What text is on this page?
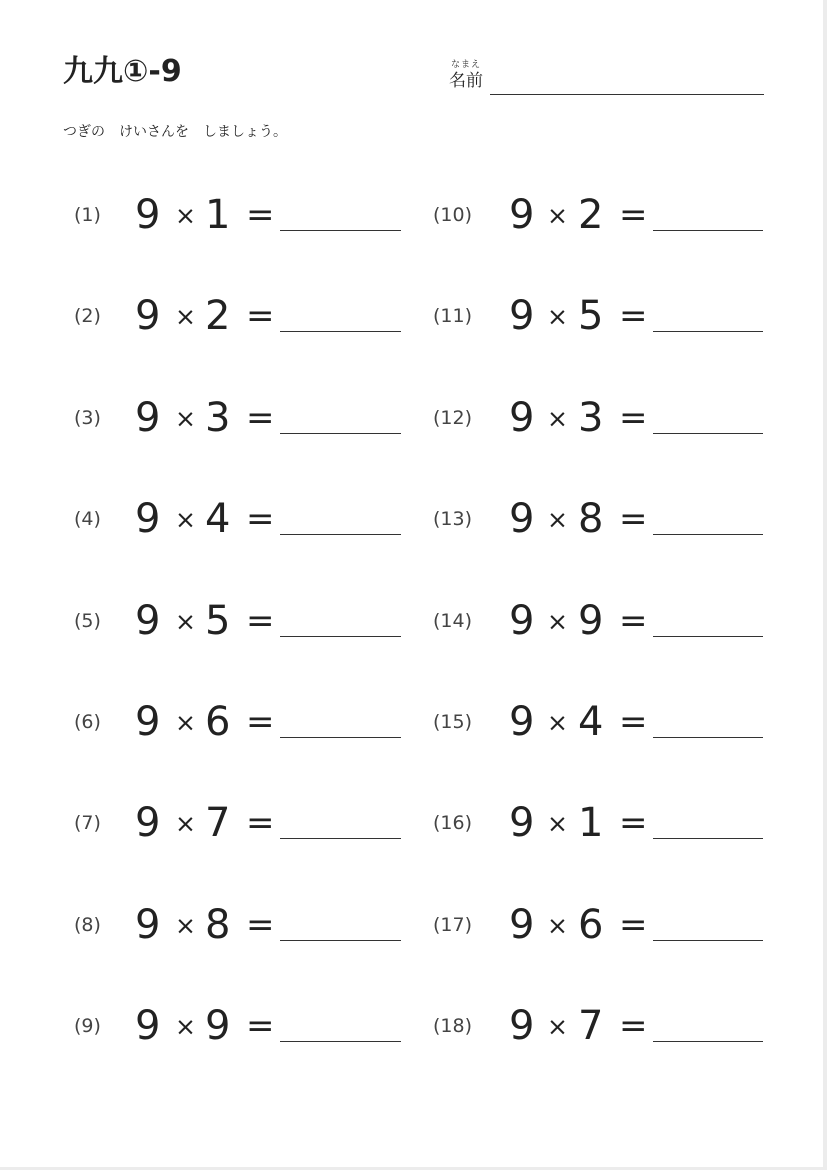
九九①-9	なまえ
名前
つぎの　けいさんを　しましょう。
(1) 9 × 1 =
(2) 9 × 2 =
(3) 9 × 3 =
(4) 9 × 4 =
(5) 9 × 5 =
(6) 9 × 6 =
(7) 9 × 7 =
(8) 9 × 8 =
(9) 9 × 9 =
(10) 9 × 2 =
(11) 9 × 5 =
(12) 9 × 3 =
(13) 9 × 8 =
(14) 9 × 9 =
(15) 9 × 4 =
(16) 9 × 1 =
(17) 9 × 6 =
(18) 9 × 7 =
